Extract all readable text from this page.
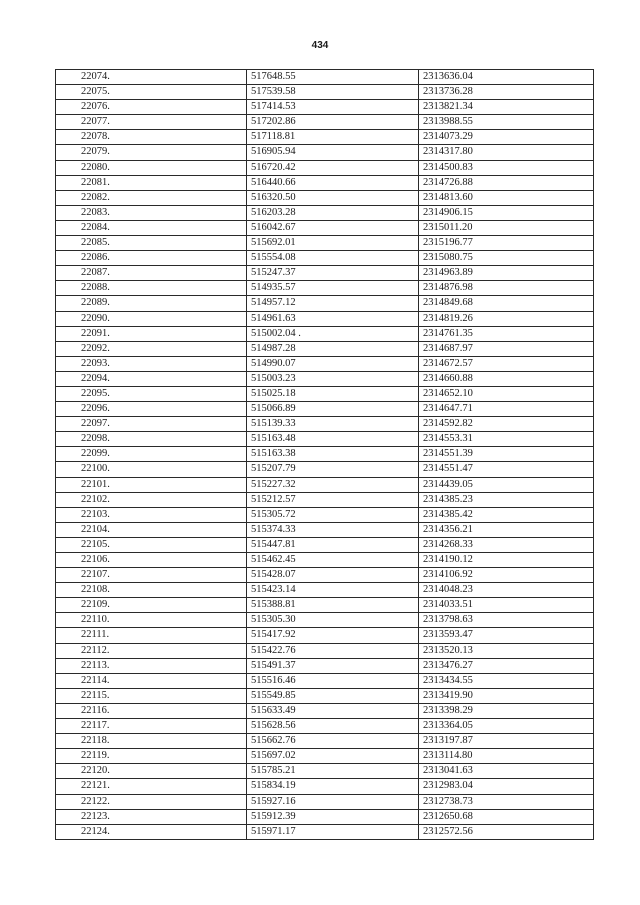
434
22074.	517648.55	2313636.04
22075.	517539.58	2313736.28
22076.	517414.53	2313821.34
22077.	517202.86	2313988.55
22078.	517118.81	2314073.29
22079.	516905.94	2314317.80
22080.	516720.42	2314500.83
22081.	516440.66	2314726.88
22082.	516320.50	2314813.60
22083.	516203.28	2314906.15
22084.	516042.67	2315011.20
22085.	515692.01	2315196.77
22086.	515554.08	2315080.75
22087.	515247.37	2314963.89
22088.	514935.57	2314876.98
22089.	514957.12	2314849.68
22090.	514961.63	2314819.26
22091.	515002.04 .	2314761.35
22092.	514987.28	2314687.97
22093.	514990.07	2314672.57
22094.	515003.23	2314660.88
22095.	515025.18	2314652.10
22096.	515066.89	2314647.71
22097.	515139.33	2314592.82
22098.	515163.48	2314553.31
22099.	515163.38	2314551.39
22100.	515207.79	2314551.47
22101.	515227.32	2314439.05
22102.	515212.57	2314385.23
22103.	515305.72	2314385.42
22104.	515374.33	2314356.21
22105.	515447.81	2314268.33
22106.	515462.45	2314190.12
22107.	515428.07	2314106.92
22108.	515423.14	2314048.23
22109.	515388.81	2314033.51
22110.	515305.30	2313798.63
22111.	515417.92	2313593.47
22112.	515422.76	2313520.13
22113.	515491.37	2313476.27
22114.	515516.46	2313434.55
22115.	515549.85	2313419.90
22116.	515633.49	2313398.29
22117.	515628.56	2313364.05
22118.	515662.76	2313197.87
22119.	515697.02	2313114.80
22120.	515785.21	2313041.63
22121.	515834.19	2312983.04
22122.	515927.16	2312738.73
22123.	515912.39	2312650.68
22124.	515971.17	2312572.56
